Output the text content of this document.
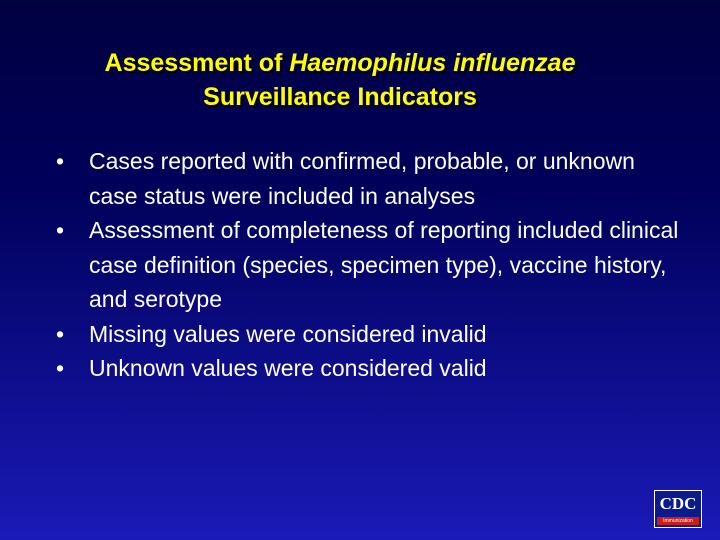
Assessment of Haemophilus influenzae
Surveillance Indicators
• Cases reported with confirmed, probable, or unknown case status were included in analyses
• Assessment of completeness of reporting included clinical case definition (species, specimen type), vaccine history, and serotype
• Missing values were considered invalid
• Unknown values were considered valid
CDC
Immunization
